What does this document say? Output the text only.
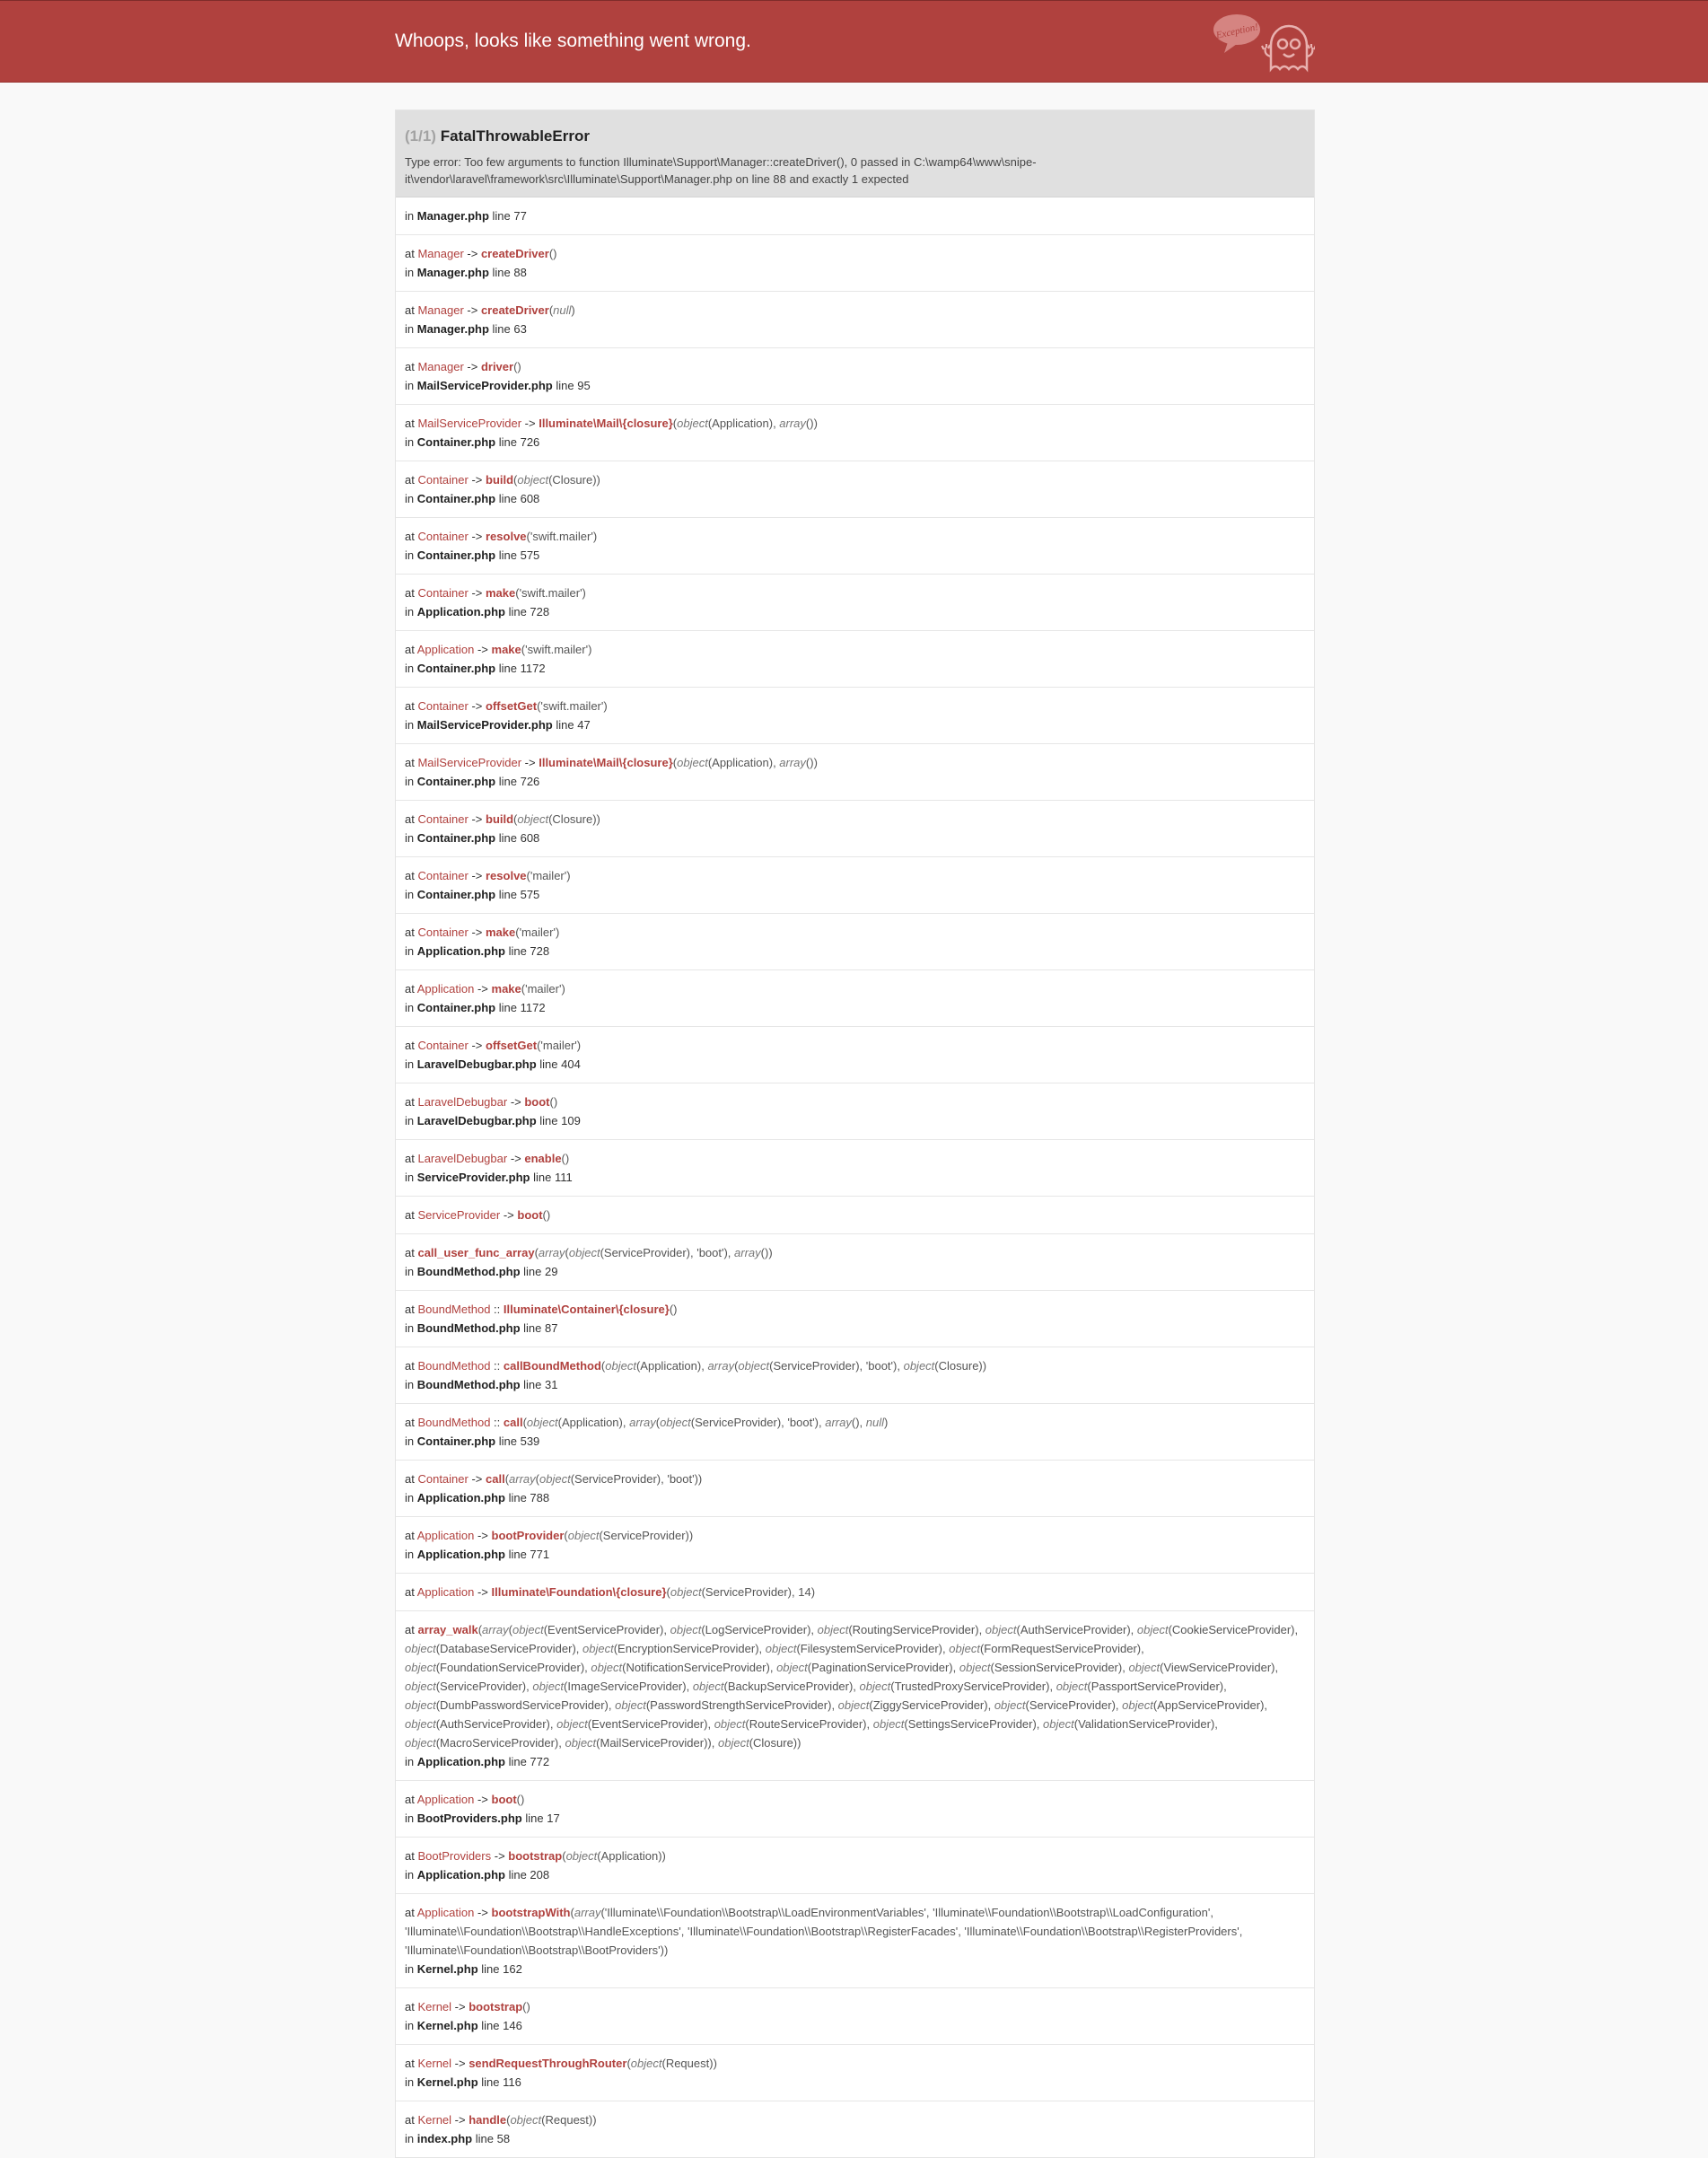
Whoops, looks like something went wrong.	Exception!
(1/1) FatalThrowableError
Type error: Too few arguments to function Illuminate\Support\Manager::createDriver(), 0 passed in C:\wamp64\www\snipe-it\vendor\laravel\framework\src\Illuminate\Support\Manager.php on line 88 and exactly 1 expected
in Manager.php line 77
at Manager -> createDriver()
in Manager.php line 88
at Manager -> createDriver(null)
in Manager.php line 63
at Manager -> driver()
in MailServiceProvider.php line 95
at MailServiceProvider -> Illuminate\Mail\{closure}(object(Application), array())
in Container.php line 726
at Container -> build(object(Closure))
in Container.php line 608
at Container -> resolve('swift.mailer')
in Container.php line 575
at Container -> make('swift.mailer')
in Application.php line 728
at Application -> make('swift.mailer')
in Container.php line 1172
at Container -> offsetGet('swift.mailer')
in MailServiceProvider.php line 47
at MailServiceProvider -> Illuminate\Mail\{closure}(object(Application), array())
in Container.php line 726
at Container -> build(object(Closure))
in Container.php line 608
at Container -> resolve('mailer')
in Container.php line 575
at Container -> make('mailer')
in Application.php line 728
at Application -> make('mailer')
in Container.php line 1172
at Container -> offsetGet('mailer')
in LaravelDebugbar.php line 404
at LaravelDebugbar -> boot()
in LaravelDebugbar.php line 109
at LaravelDebugbar -> enable()
in ServiceProvider.php line 111
at ServiceProvider -> boot()
at call_user_func_array(array(object(ServiceProvider), 'boot'), array())
in BoundMethod.php line 29
at BoundMethod :: Illuminate\Container\{closure}()
in BoundMethod.php line 87
at BoundMethod :: callBoundMethod(object(Application), array(object(ServiceProvider), 'boot'), object(Closure))
in BoundMethod.php line 31
at BoundMethod :: call(object(Application), array(object(ServiceProvider), 'boot'), array(), null)
in Container.php line 539
at Container -> call(array(object(ServiceProvider), 'boot'))
in Application.php line 788
at Application -> bootProvider(object(ServiceProvider))
in Application.php line 771
at Application -> Illuminate\Foundation\{closure}(object(ServiceProvider), 14)
at array_walk(array(object(EventServiceProvider), object(LogServiceProvider), object(RoutingServiceProvider), object(AuthServiceProvider), object(CookieServiceProvider), object(DatabaseServiceProvider), object(EncryptionServiceProvider), object(FilesystemServiceProvider), object(FormRequestServiceProvider), object(FoundationServiceProvider), object(NotificationServiceProvider), object(PaginationServiceProvider), object(SessionServiceProvider), object(ViewServiceProvider), object(ServiceProvider), object(ImageServiceProvider), object(BackupServiceProvider), object(TrustedProxyServiceProvider), object(PassportServiceProvider), object(DumbPasswordServiceProvider), object(PasswordStrengthServiceProvider), object(ZiggyServiceProvider), object(ServiceProvider), object(AppServiceProvider), object(AuthServiceProvider), object(EventServiceProvider), object(RouteServiceProvider), object(SettingsServiceProvider), object(ValidationServiceProvider), object(MacroServiceProvider), object(MailServiceProvider)), object(Closure))
in Application.php line 772
at Application -> boot()
in BootProviders.php line 17
at BootProviders -> bootstrap(object(Application))
in Application.php line 208
at Application -> bootstrapWith(array('Illuminate\\Foundation\\Bootstrap\\LoadEnvironmentVariables', 'Illuminate\\Foundation\\Bootstrap\\LoadConfiguration', 'Illuminate\\Foundation\\Bootstrap\\HandleExceptions', 'Illuminate\\Foundation\\Bootstrap\\RegisterFacades', 'Illuminate\\Foundation\\Bootstrap\\RegisterProviders', 'Illuminate\\Foundation\\Bootstrap\\BootProviders'))
in Kernel.php line 162
at Kernel -> bootstrap()
in Kernel.php line 146
at Kernel -> sendRequestThroughRouter(object(Request))
in Kernel.php line 116
at Kernel -> handle(object(Request))
in index.php line 58
